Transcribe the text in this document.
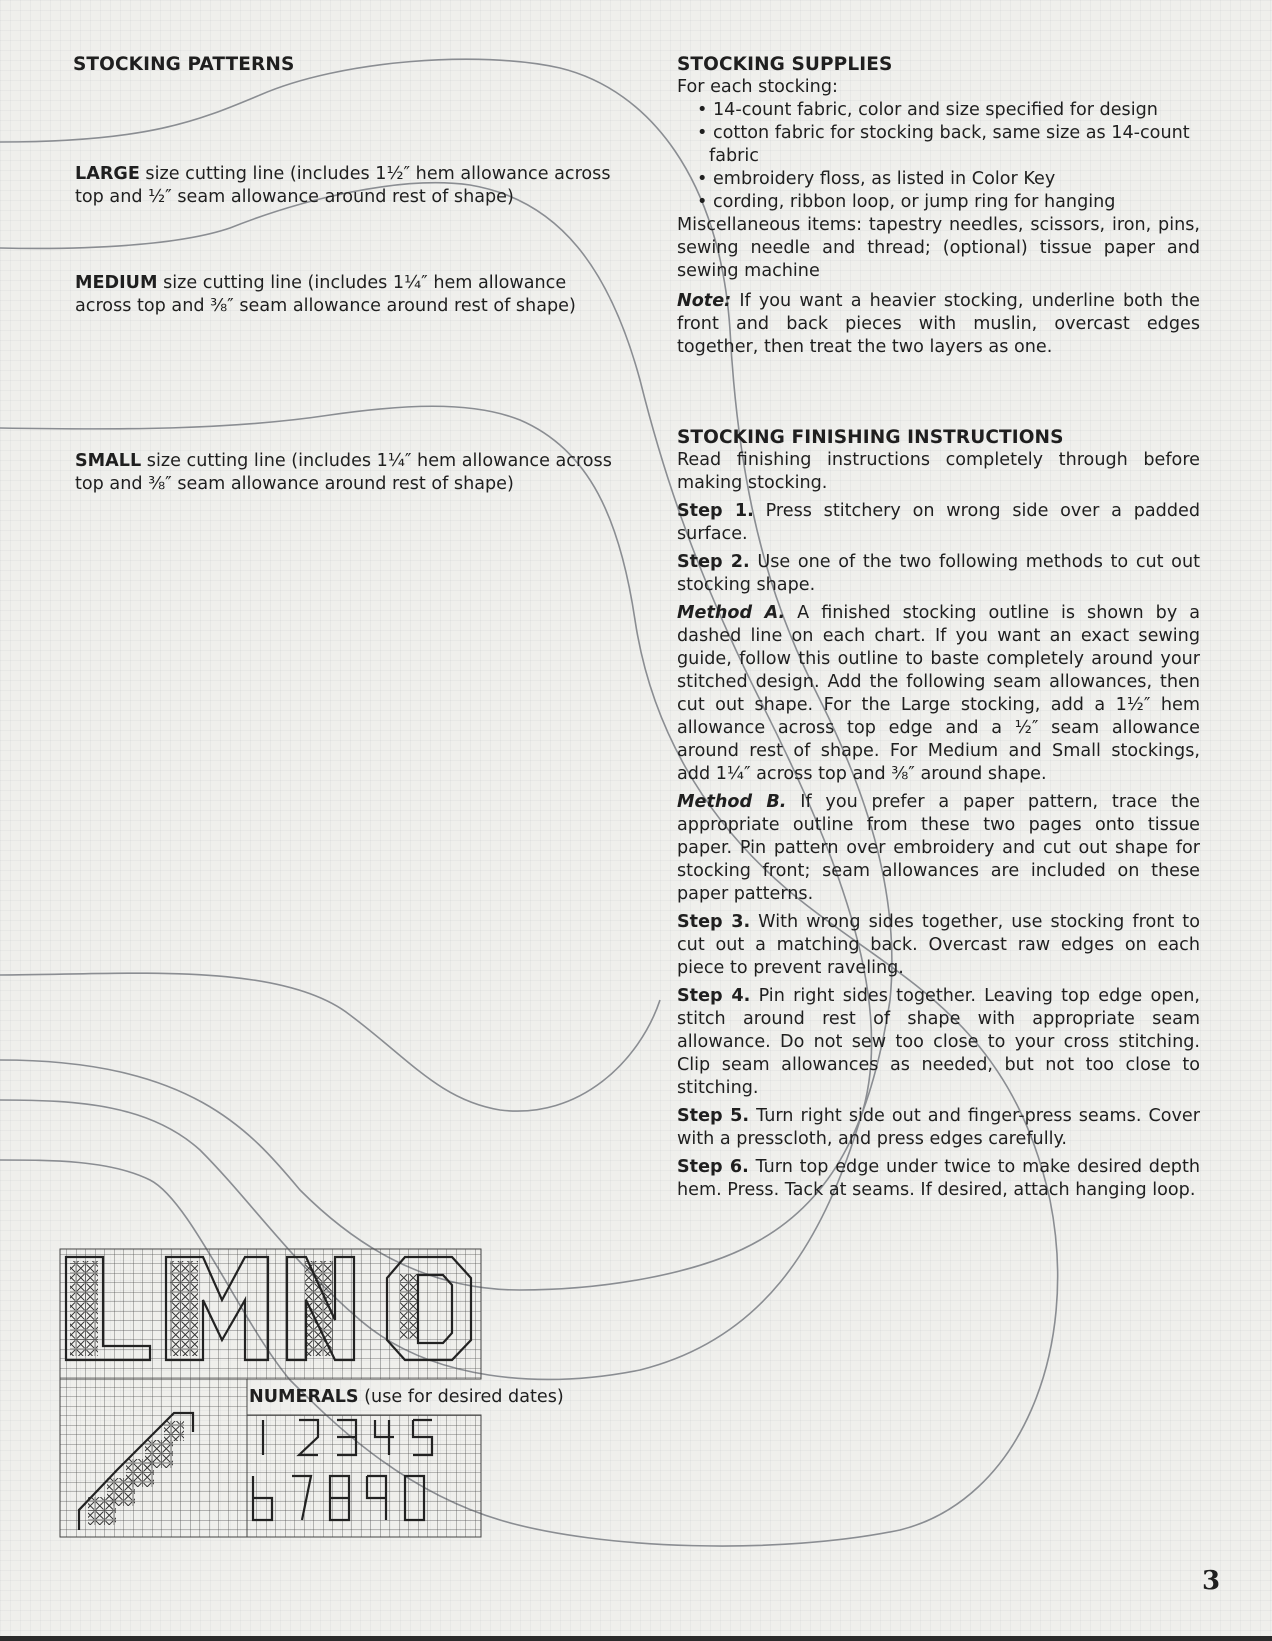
STOCKING PATTERNS
LARGE size cutting line (includes 1½″ hem allowance across top and ½″ seam allowance around rest of shape)
MEDIUM size cutting line (includes 1¼″ hem allowance across top and ⅜″ seam allowance around rest of shape)
SMALL size cutting line (includes 1¼″ hem allowance across top and ⅜″ seam allowance around rest of shape)
NUMERALS (use for desired dates)
STOCKING SUPPLIES

For each stocking:

• 14-count fabric, color and size specified for design
• cotton fabric for stocking back, same size as 14-count fabric
• embroidery floss, as listed in Color Key
• cording, ribbon loop, or jump ring for hanging

Miscellaneous items: tapestry needles, scissors, iron, pins, sewing needle and thread; (optional) tissue paper and sewing machine

Note: If you want a heavier stocking, underline both the front and back pieces with muslin, overcast edges together, then treat the two layers as one.

STOCKING FINISHING INSTRUCTIONS

Read finishing instructions completely through before making stocking.

Step 1. Press stitchery on wrong side over a padded surface.

Step 2. Use one of the two following methods to cut out stocking shape.

Method A. A finished stocking outline is shown by a dashed line on each chart. If you want an exact sewing guide, follow this outline to baste completely around your stitched design. Add the following seam allowances, then cut out shape. For the Large stocking, add a 1½″ hem allowance across top edge and a ½″ seam allowance around rest of shape. For Medium and Small stockings, add 1¼″ across top and ⅜″ around shape.

Method B. If you prefer a paper pattern, trace the appropriate outline from these two pages onto tissue paper. Pin pattern over embroidery and cut out shape for stocking front; seam allowances are included on these paper patterns.

Step 3. With wrong sides together, use stocking front to cut out a matching back. Overcast raw edges on each piece to prevent raveling.

Step 4. Pin right sides together. Leaving top edge open, stitch around rest of shape with appropriate seam allowance. Do not sew too close to your cross stitching. Clip seam allowances as needed, but not too close to stitching.

Step 5. Turn right side out and finger-press seams. Cover with a presscloth, and press edges carefully.

Step 6. Turn top edge under twice to make desired depth hem. Press. Tack at seams. If desired, attach hanging loop.

3
